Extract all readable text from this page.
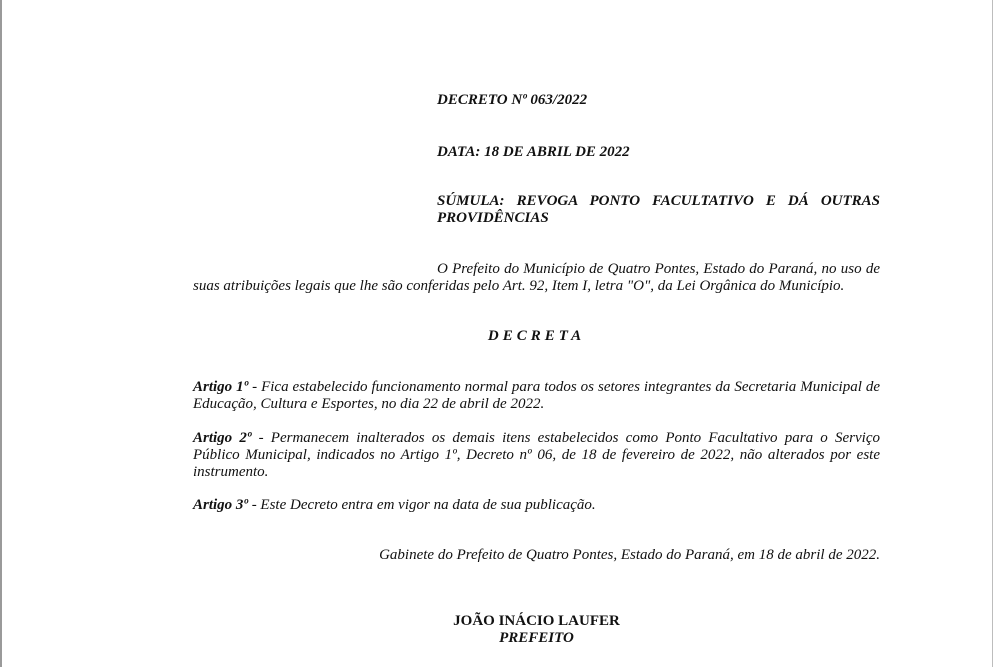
DECRETO Nº 063/2022
DATA: 18 DE ABRIL DE 2022
SÚMULA: REVOGA PONTO FACULTATIVO E DÁ OUTRAS PROVIDÊNCIAS
O Prefeito do Município de Quatro Pontes, Estado do Paraná, no uso de suas atribuições legais que lhe são conferidas pelo Art. 92, Item I, letra "O", da Lei Orgânica do Município.
DECRETA
Artigo 1º - Fica estabelecido funcionamento normal para todos os setores integrantes da Secretaria Municipal de Educação, Cultura e Esportes, no dia 22 de abril de 2022.
Artigo 2º - Permanecem inalterados os demais itens estabelecidos como Ponto Facultativo para o Serviço Público Municipal, indicados no Artigo 1º, Decreto nº 06, de 18 de fevereiro de 2022, não alterados por este instrumento.
Artigo 3º - Este Decreto entra em vigor na data de sua publicação.
Gabinete do Prefeito de Quatro Pontes, Estado do Paraná, em 18 de abril de 2022.
JOÃO INÁCIO LAUFER
PREFEITO
